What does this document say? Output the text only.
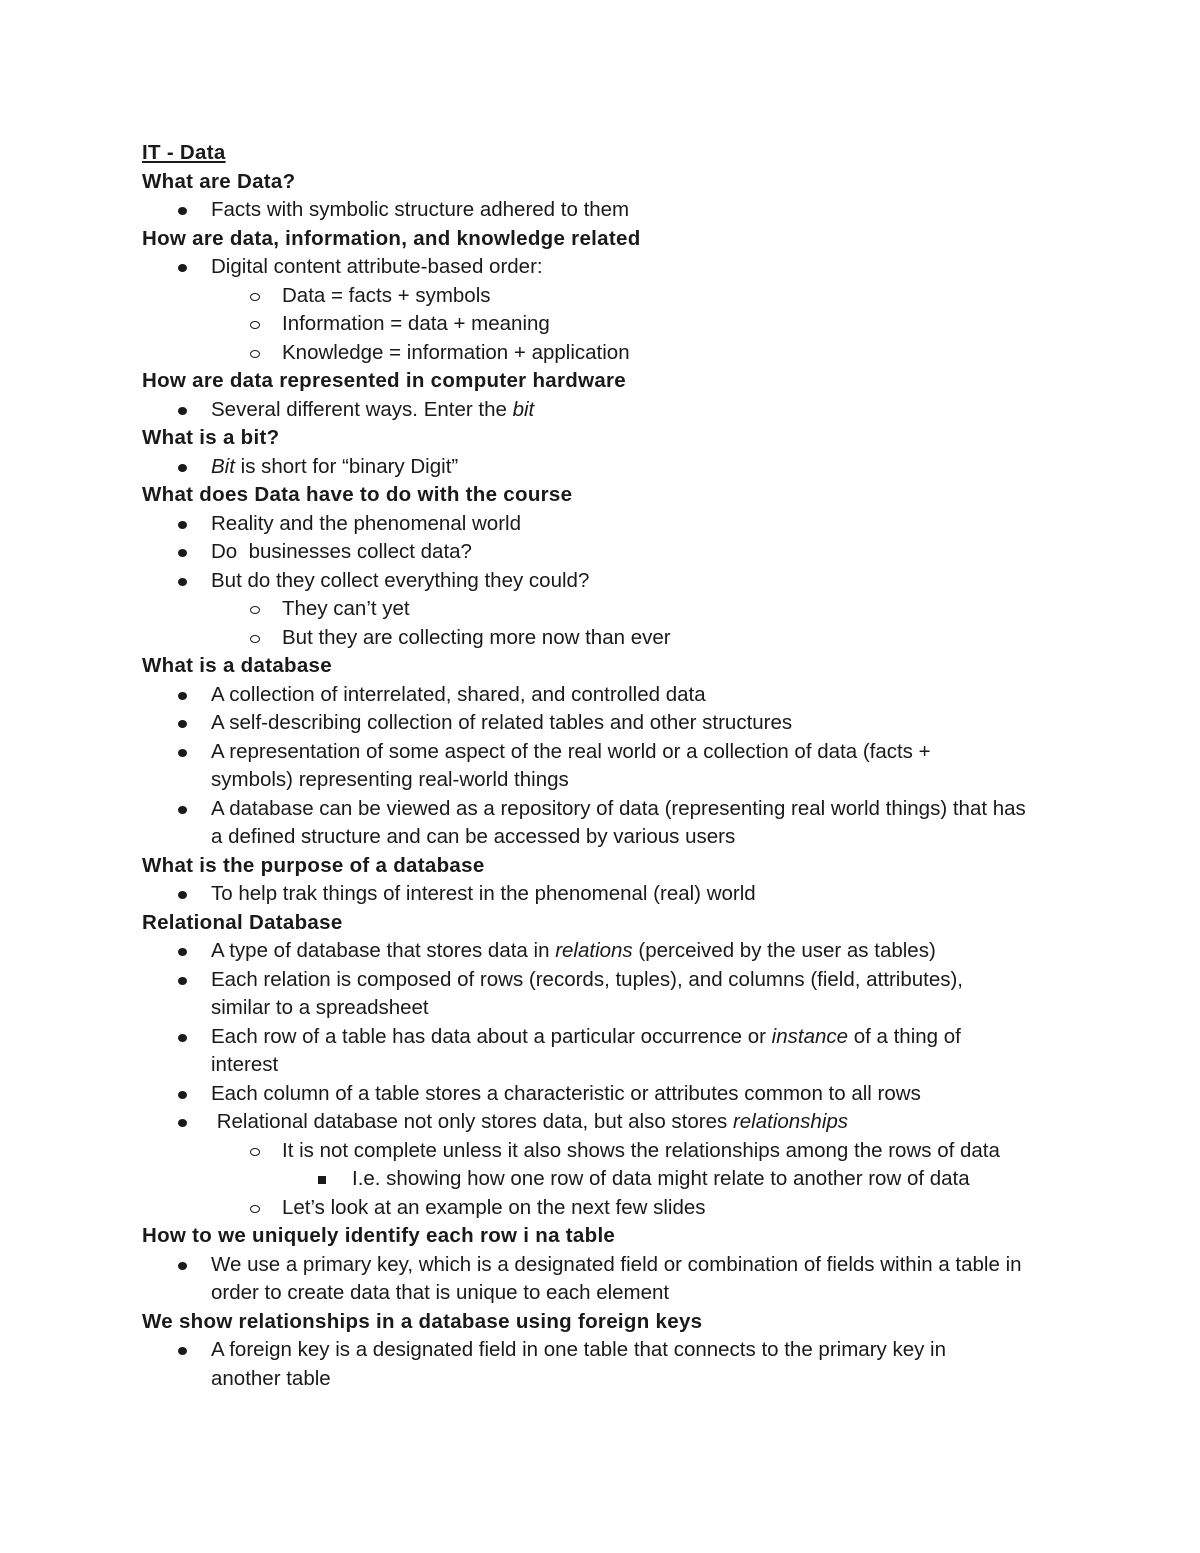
IT - Data
What are Data?
Facts with symbolic structure adhered to them
How are data, information, and knowledge related
Digital content attribute-based order:
Data = facts + symbols
Information = data + meaning
Knowledge = information + application
How are data represented in computer hardware
Several different ways. Enter the bit
What is a bit?
Bit is short for “binary Digit”
What does Data have to do with the course
Reality and the phenomenal world
Do  businesses collect data?
But do they collect everything they could?
They can’t yet
But they are collecting more now than ever
What is a database
A collection of interrelated, shared, and controlled data
A self-describing collection of related tables and other structures
A representation of some aspect of the real world or a collection of data (facts + symbols) representing real-world things
A database can be viewed as a repository of data (representing real world things) that has a defined structure and can be accessed by various users
What is the purpose of a database
To help trak things of interest in the phenomenal (real) world
Relational Database
A type of database that stores data in relations (perceived by the user as tables)
Each relation is composed of rows (records, tuples), and columns (field, attributes), similar to a spreadsheet
Each row of a table has data about a particular occurrence or instance of a thing of interest
Each column of a table stores a characteristic or attributes common to all rows
Relational database not only stores data, but also stores relationships
It is not complete unless it also shows the relationships among the rows of data
I.e. showing how one row of data might relate to another row of data
Let’s look at an example on the next few slides
How to we uniquely identify each row i na table
We use a primary key, which is a designated field or combination of fields within a table in order to create data that is unique to each element
We show relationships in a database using foreign keys
A foreign key is a designated field in one table that connects to the primary key in another table
